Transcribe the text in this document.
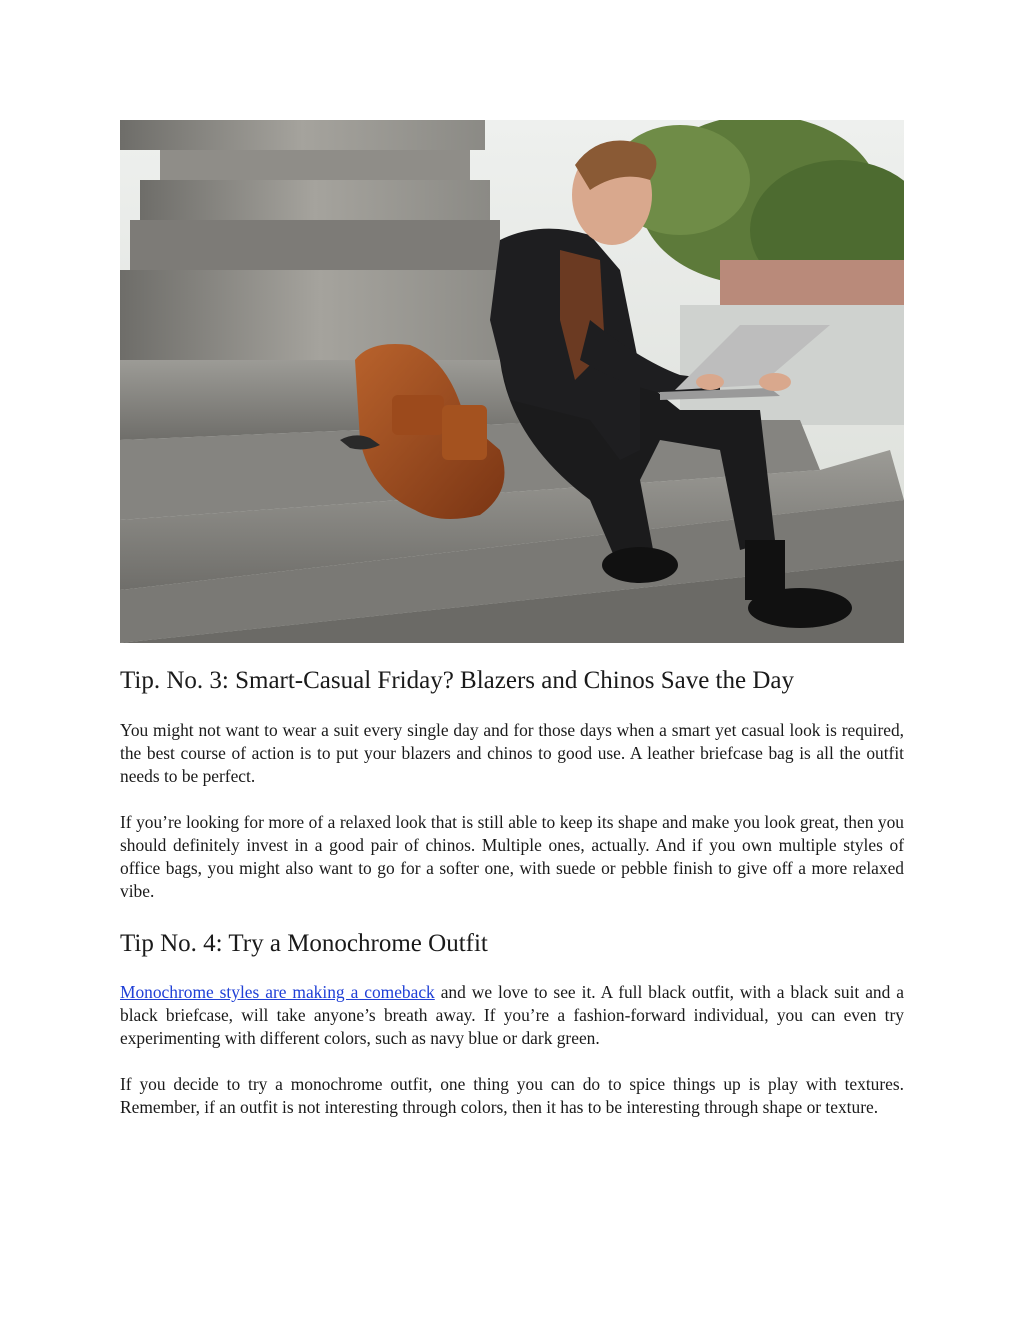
Tip. No. 3: Smart-Casual Friday? Blazers and Chinos Save the Day

You might not want to wear a suit every single day and for those days when a smart yet casual look is required, the best course of action is to put your blazers and chinos to good use. A leather briefcase bag is all the outfit needs to be perfect.

If you’re looking for more of a relaxed look that is still able to keep its shape and make you look great, then you should definitely invest in a good pair of chinos. Multiple ones, actually. And if you own multiple styles of office bags, you might also want to go for a softer one, with suede or pebble finish to give off a more relaxed vibe.

Tip No. 4: Try a Monochrome Outfit

Monochrome styles are making a comeback and we love to see it. A full black outfit, with a black suit and a black briefcase, will take anyone’s breath away. If you’re a fashion-forward individual, you can even try experimenting with different colors, such as navy blue or dark green.

If you decide to try a monochrome outfit, one thing you can do to spice things up is play with textures. Remember, if an outfit is not interesting through colors, then it has to be interesting through shape or texture.
